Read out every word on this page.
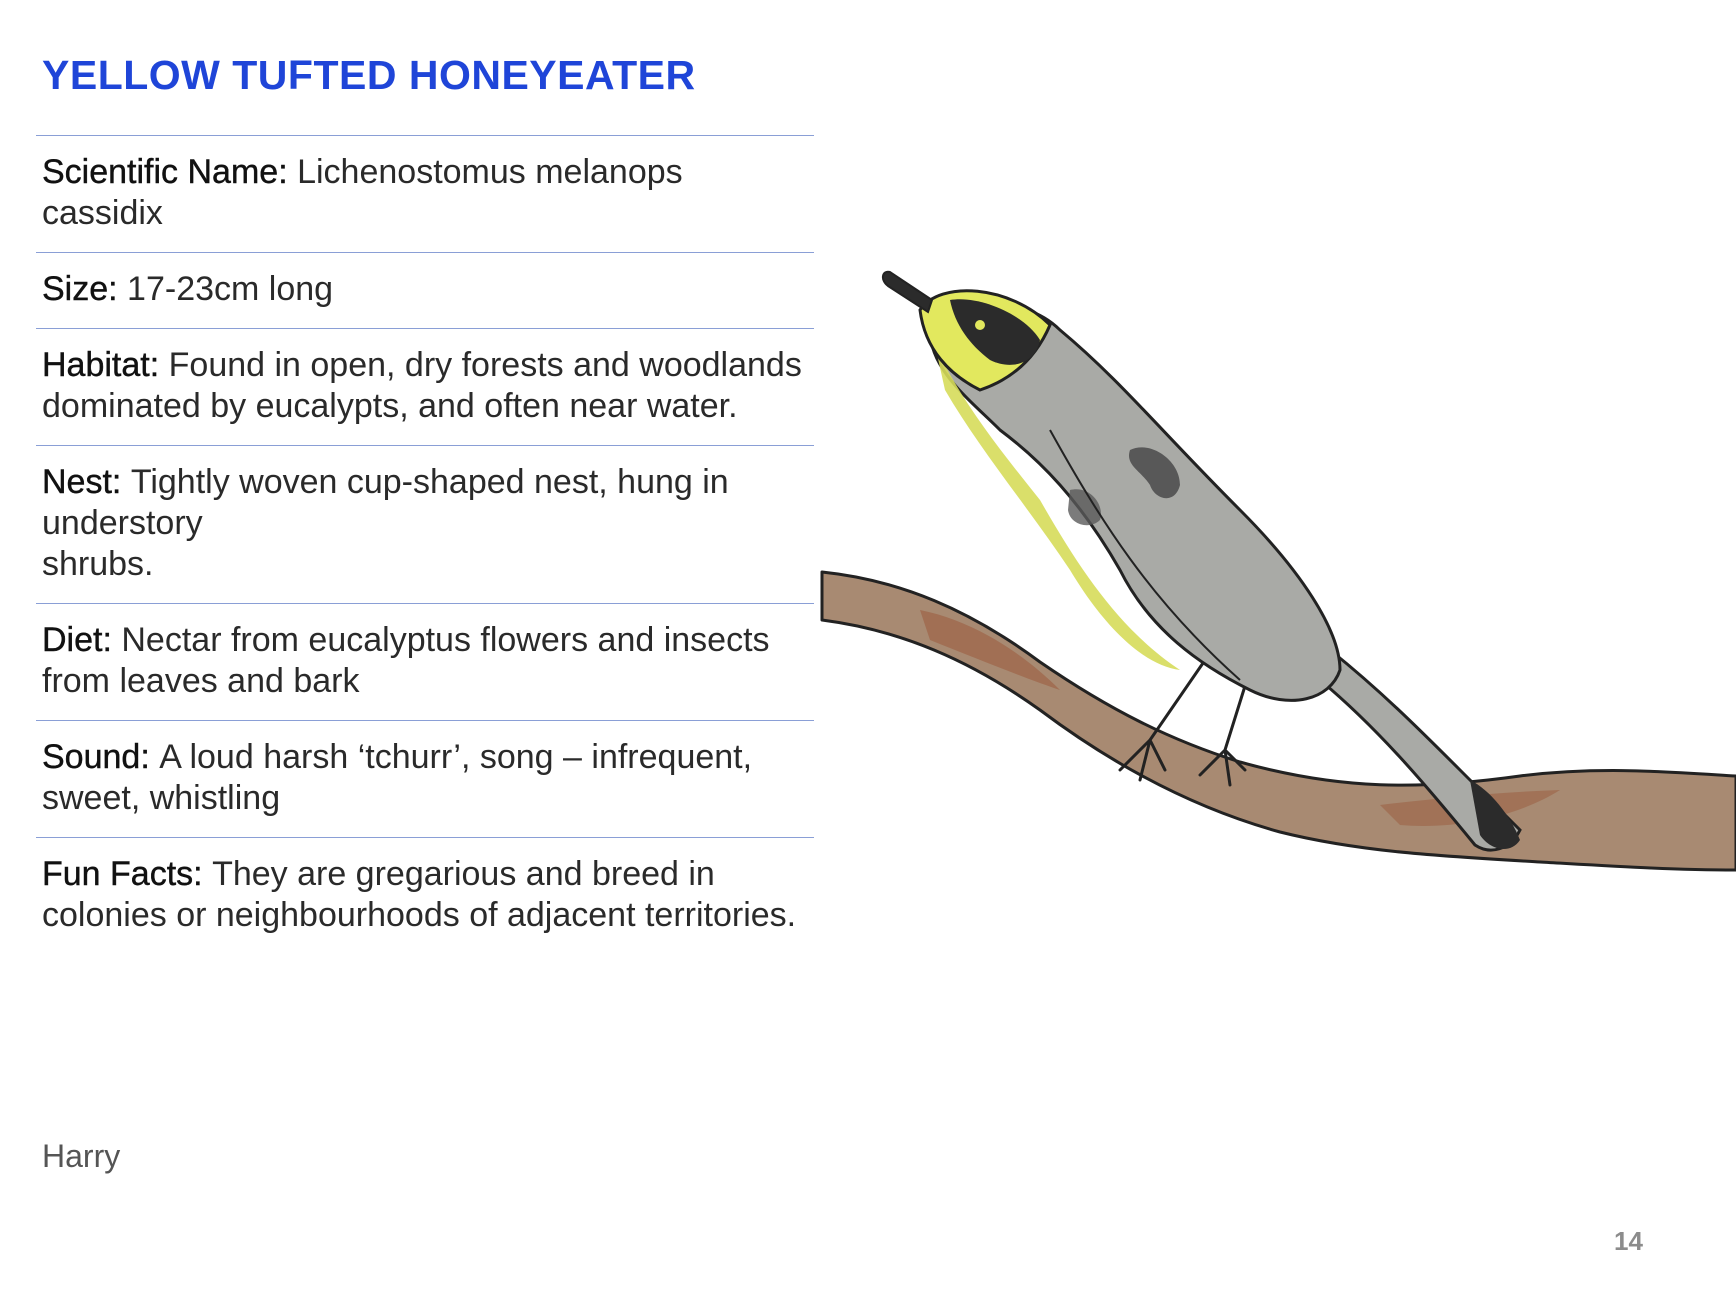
YELLOW TUFTED HONEYEATER
Scientific Name: Lichenostomus melanops cassidix
Size: 17-23cm long
Habitat: Found in open, dry forests and woodlands dominated by eucalypts, and often near water.
Nest: Tightly woven cup-shaped nest, hung in understory
shrubs.
Diet: Nectar from eucalyptus flowers and insects from leaves and bark
Sound: A loud harsh ‘tchurr’, song – infrequent, sweet, whistling
Fun Facts: They are gregarious and breed in colonies or neighbourhoods of adjacent territories.
Harry
14
